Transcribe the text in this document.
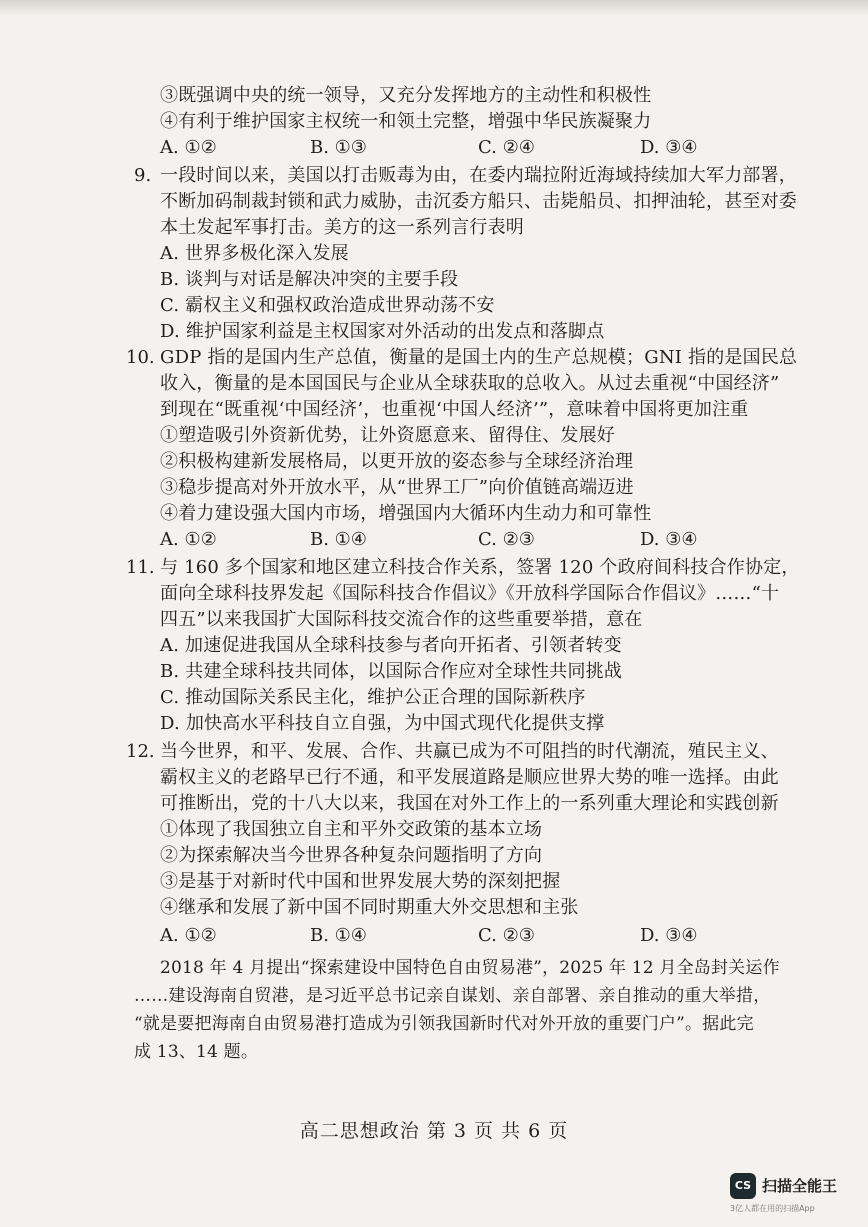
③既强调中央的统一领导，又充分发挥地方的主动性和积极性
④有利于维护国家主权统一和领土完整，增强中华民族凝聚力
A. ①②	B. ①③	C. ②④	D. ③④
9. 一段时间以来，美国以打击贩毒为由，在委内瑞拉附近海域持续加大军力部署，
不断加码制裁封锁和武力威胁，击沉委方船只、击毙船员、扣押油轮，甚至对委
本土发起军事打击。美方的这一系列言行表明
A. 世界多极化深入发展
B. 谈判与对话是解决冲突的主要手段
C. 霸权主义和强权政治造成世界动荡不安
D. 维护国家利益是主权国家对外活动的出发点和落脚点
10. GDP 指的是国内生产总值，衡量的是国土内的生产总规模；GNI 指的是国民总
收入，衡量的是本国国民与企业从全球获取的总收入。从过去重视“中国经济”
到现在“既重视‘中国经济’，也重视‘中国人经济’”，意味着中国将更加注重
①塑造吸引外资新优势，让外资愿意来、留得住、发展好
②积极构建新发展格局，以更开放的姿态参与全球经济治理
③稳步提高对外开放水平，从“世界工厂”向价值链高端迈进
④着力建设强大国内市场，增强国内大循环内生动力和可靠性
A. ①②	B. ①④	C. ②③	D. ③④
11. 与 160 多个国家和地区建立科技合作关系，签署 120 个政府间科技合作协定，
面向全球科技界发起《国际科技合作倡议》《开放科学国际合作倡议》……“十
四五”以来我国扩大国际科技交流合作的这些重要举措，意在
A. 加速促进我国从全球科技参与者向开拓者、引领者转变
B. 共建全球科技共同体，以国际合作应对全球性共同挑战
C. 推动国际关系民主化，维护公正合理的国际新秩序
D. 加快高水平科技自立自强，为中国式现代化提供支撑
12. 当今世界，和平、发展、合作、共赢已成为不可阻挡的时代潮流，殖民主义、
霸权主义的老路早已行不通，和平发展道路是顺应世界大势的唯一选择。由此
可推断出，党的十八大以来，我国在对外工作上的一系列重大理论和实践创新
①体现了我国独立自主和平外交政策的基本立场
②为探索解决当今世界各种复杂问题指明了方向
③是基于对新时代中国和世界发展大势的深刻把握
④继承和发展了新中国不同时期重大外交思想和主张
A. ①②	B. ①④	C. ②③	D. ③④
2018 年 4 月提出“探索建设中国特色自由贸易港”，2025 年 12 月全岛封关运作
……建设海南自贸港，是习近平总书记亲自谋划、亲自部署、亲自推动的重大举措，
“就是要把海南自由贸易港打造成为引领我国新时代对外开放的重要门户”。据此完
成 13、14 题。
高二思想政治 第 3 页 共 6 页
CS 扫描全能王
3亿人都在用的扫描App
